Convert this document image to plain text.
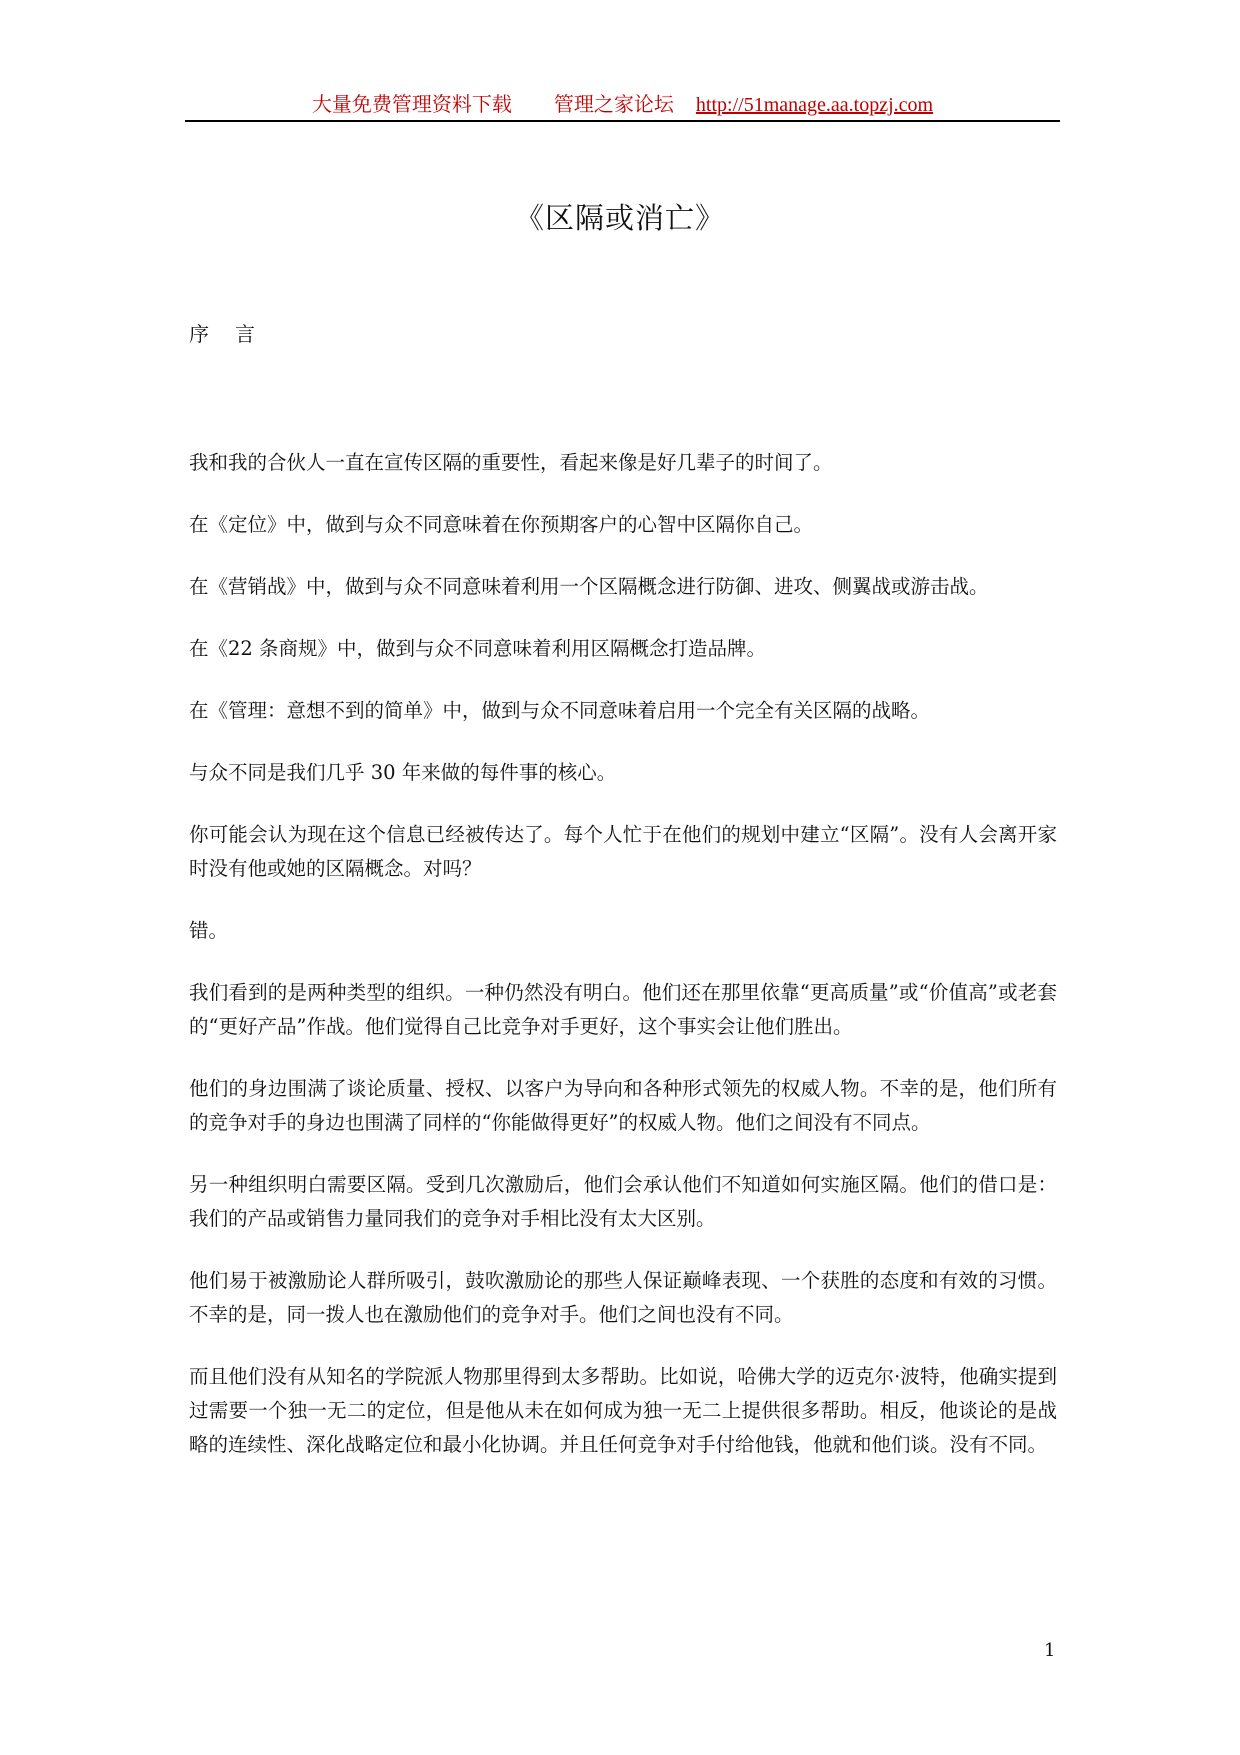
大量免费管理资料下载 管理之家论坛 http://51manage.aa.topzj.com
《区隔或消亡》
序 言

我和我的合伙人一直在宣传区隔的重要性，看起来像是好几辈子的时间了。

在《定位》中，做到与众不同意味着在你预期客户的心智中区隔你自己。

在《营销战》中，做到与众不同意味着利用一个区隔概念进行防御、进攻、侧翼战或游击战。

在《22 条商规》中，做到与众不同意味着利用区隔概念打造品牌。

在《管理：意想不到的简单》中，做到与众不同意味着启用一个完全有关区隔的战略。

与众不同是我们几乎 30 年来做的每件事的核心。

你可能会认为现在这个信息已经被传达了。每个人忙于在他们的规划中建立“区隔”。没有人会离开家时没有他或她的区隔概念。对吗？

错。

我们看到的是两种类型的组织。一种仍然没有明白。他们还在那里依靠“更高质量”或“价值高”或老套的“更好产品”作战。他们觉得自己比竞争对手更好，这个事实会让他们胜出。

他们的身边围满了谈论质量、授权、以客户为导向和各种形式领先的权威人物。不幸的是，他们所有的竞争对手的身边也围满了同样的“你能做得更好”的权威人物。他们之间没有不同点。

另一种组织明白需要区隔。受到几次激励后，他们会承认他们不知道如何实施区隔。他们的借口是：我们的产品或销售力量同我们的竞争对手相比没有太大区别。

他们易于被激励论人群所吸引，鼓吹激励论的那些人保证巅峰表现、一个获胜的态度和有效的习惯。不幸的是，同一拨人也在激励他们的竞争对手。他们之间也没有不同。

而且他们没有从知名的学院派人物那里得到太多帮助。比如说，哈佛大学的迈克尔·波特，他确实提到过需要一个独一无二的定位，但是他从未在如何成为独一无二上提供很多帮助。相反，他谈论的是战略的连续性、深化战略定位和最小化协调。并且任何竞争对手付给他钱，他就和他们谈。没有不同。

1
